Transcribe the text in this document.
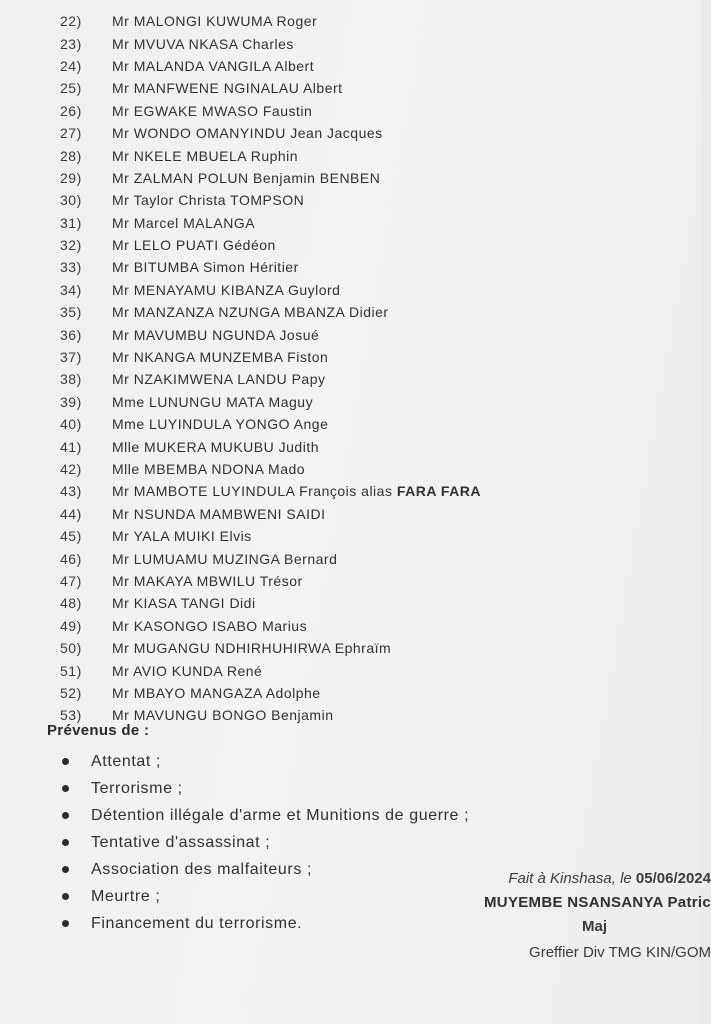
22)	Mr MALONGI KUWUMA Roger
23)	Mr MVUVA NKASA Charles
24)	Mr MALANDA VANGILA Albert
25)	Mr MANFWENE NGINALAU Albert
26)	Mr EGWAKE MWASO Faustin
27)	Mr WONDO OMANYINDU Jean Jacques
28)	Mr NKELE MBUELA Ruphin
29)	Mr ZALMAN POLUN Benjamin BENBEN
30)	Mr Taylor Christa TOMPSON
31)	Mr Marcel MALANGA
32)	Mr LELO PUATI Gédéon
33)	Mr BITUMBA Simon Héritier
34)	Mr MENAYAMU KIBANZA Guylord
35)	Mr MANZANZA NZUNGA MBANZA Didier
36)	Mr MAVUMBU NGUNDA Josué
37)	Mr NKANGA MUNZEMBA Fiston
38)	Mr NZAKIMWENA LANDU Papy
39)	Mme LUNUNGU MATA Maguy
40)	Mme LUYINDULA YONGO Ange
41)	Mlle MUKERA MUKUBU Judith
42)	Mlle MBEMBA NDONA Mado
43)	Mr MAMBOTE LUYINDULA François alias FARA FARA
44)	Mr NSUNDA MAMBWENI SAIDI
45)	Mr YALA MUIKI Elvis
46)	Mr LUMUAMU MUZINGA Bernard
47)	Mr MAKAYA MBWILU Trésor
48)	Mr KIASA TANGI Didi
49)	Mr KASONGO ISABO Marius
50)	Mr MUGANGU NDHIRHUHIRWA Ephraïm
51)	Mr AVIO KUNDA René
52)	Mr MBAYO MANGAZA Adolphe
53)	Mr MAVUNGU BONGO Benjamin
Prévenus de :
Attentat ;
Terrorisme ;
Détention illégale d'arme et Munitions de guerre ;
Tentative d'assassinat ;
Association des malfaiteurs ;
Meurtre ;
Financement du terrorisme.
Fait à Kinshasa, le 05/06/2024
MUYEMBE NSANSANYA Patric
Maj
Greffier Div TMG KIN/GOM
